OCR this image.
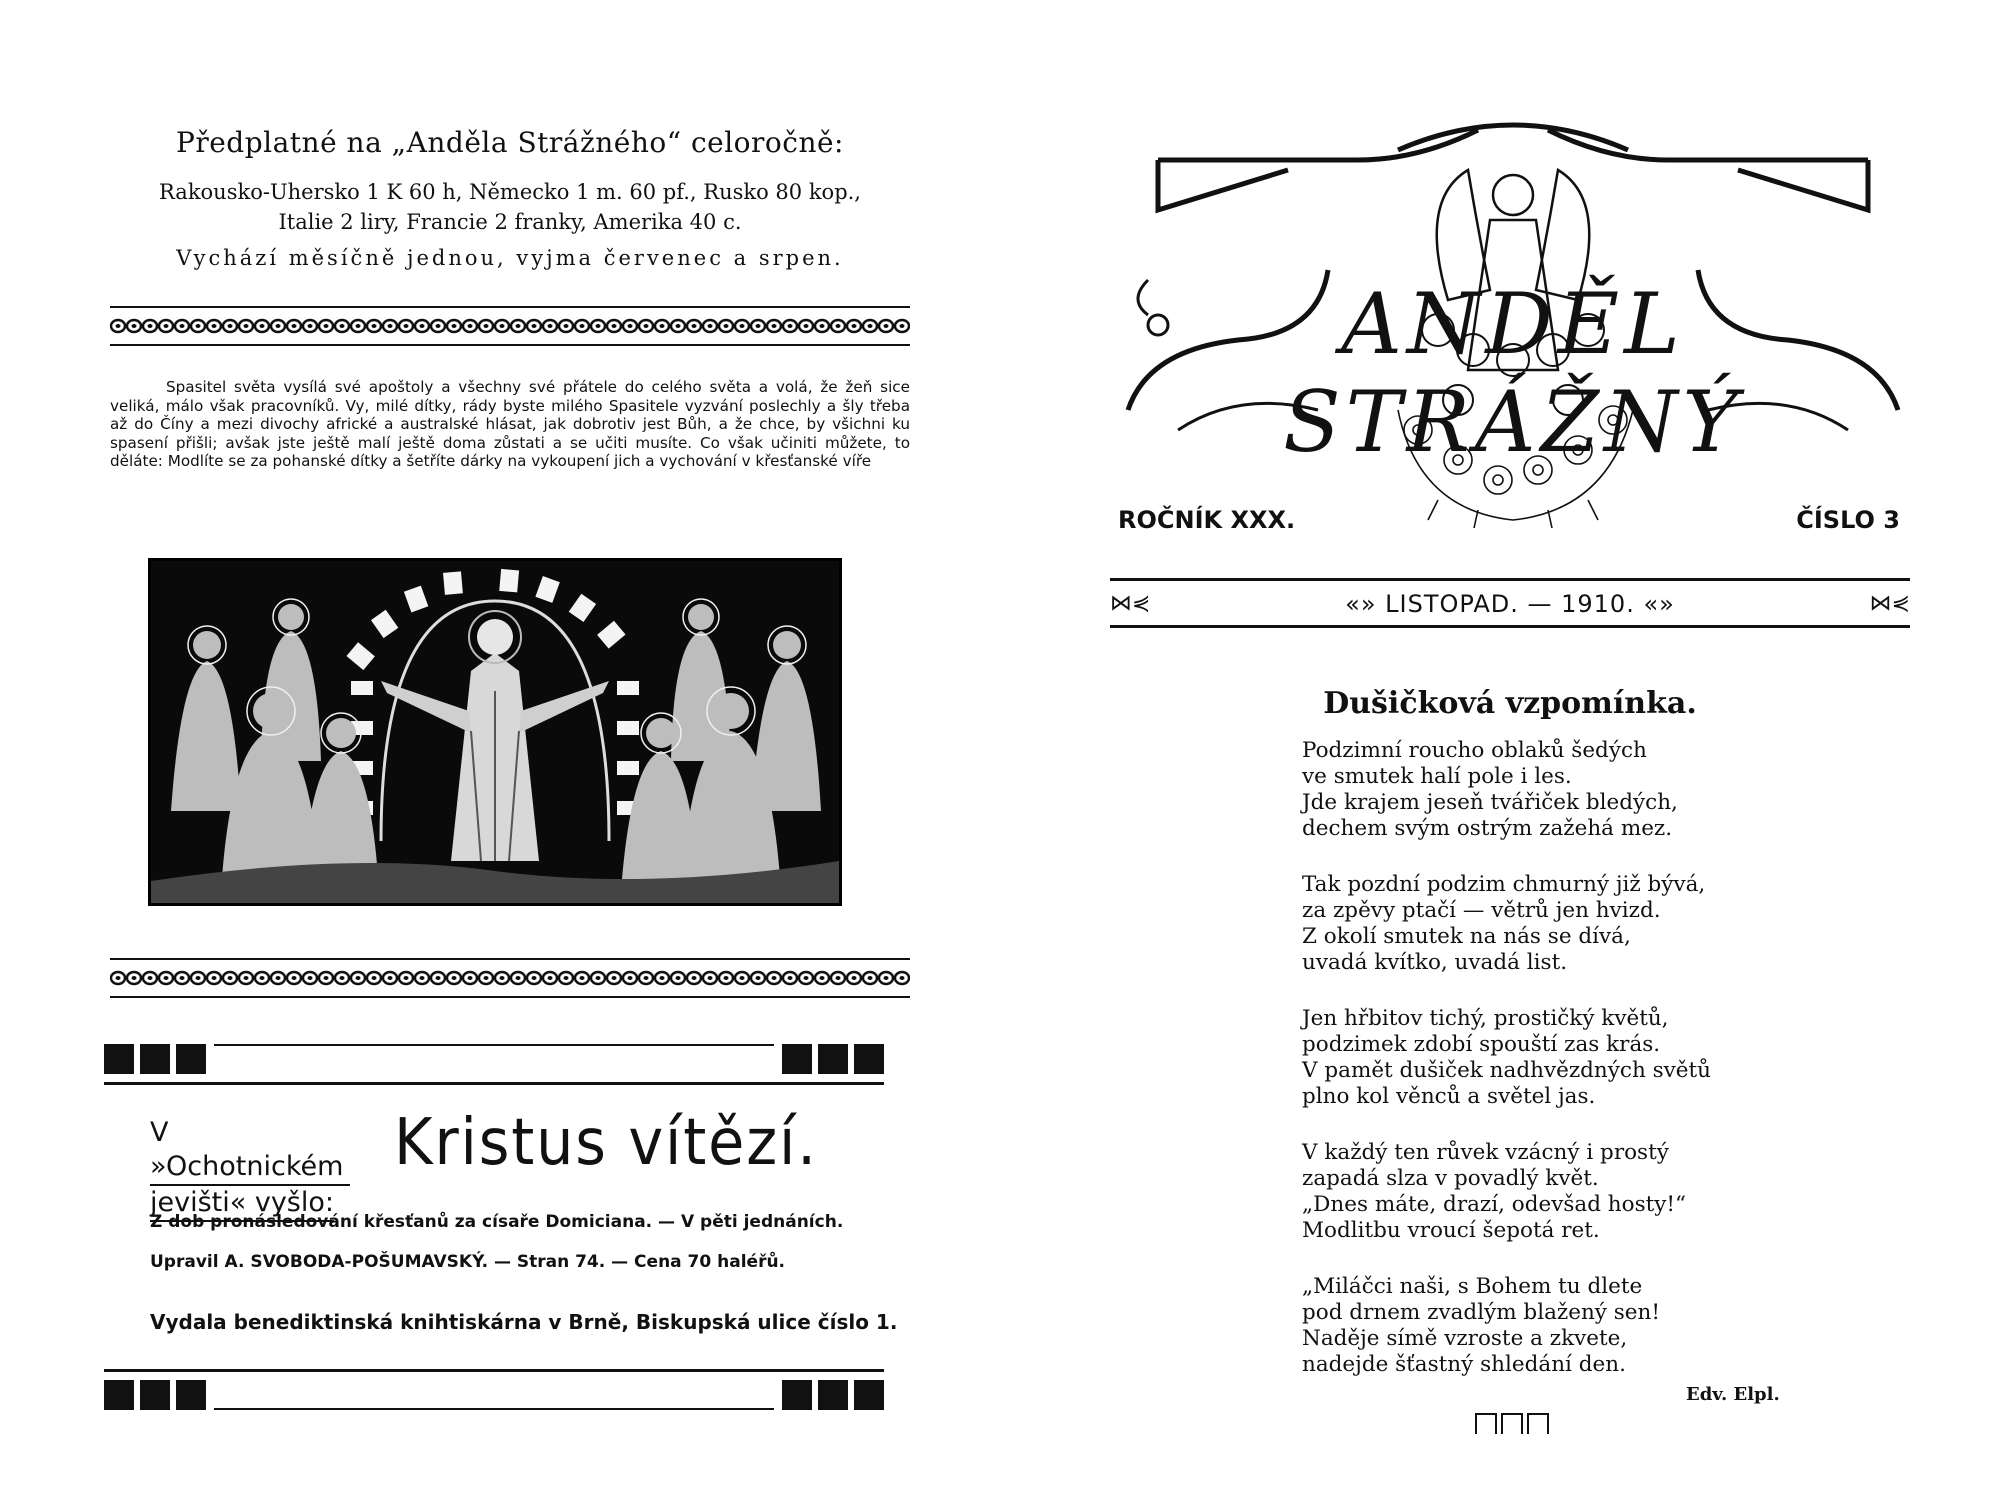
Předplatné na „Anděla Strážného“ celoročně:
Rakousko-Uhersko 1 K 60 h, Německo 1 m. 60 pf., Rusko 80 kop.,
Italie 2 liry, Francie 2 franky, Amerika 40 c.
Vychází měsíčně jednou, vyjma červenec a srpen.
Spasitel světa vysílá své apoštoly a všechny své přátele do celého světa a volá, že žeň sice veliká, málo však pracovníků. Vy, milé dítky, rády byste milého Spasitele vyzvání poslechly a šly třeba až do Číny a mezi divochy africké a australské hlásat, jak dobrotiv jest Bůh, a že chce, by všichni ku spasení přišli; avšak jste ještě malí ještě doma zůstati a se učiti musíte. Co však učiniti můžete, to děláte: Modlíte se za pohanské dítky a šetříte dárky na vykoupení jich a vychování v křesťanské víře
V »Ochotnickém
jevišti« vyšlo:
Kristus vítězí.
Z dob pronásledování křesťanů za císaře Domiciana. — V pěti jednáních.
Upravil A. SVOBODA-POŠUMAVSKÝ. — Stran 74. — Cena 70 haléřů.
Vydala benediktinská knihtiskárna v Brně, Biskupská ulice číslo 1.
ANDĚL STRÁŽNÝ
ROČNÍK XXX.	ČÍSLO 3
⋈⋞	«» LISTOPAD. — 1910. «»	⋈⋞
Dušičková vzpomínka.
Podzimní roucho oblaků šedých
ve smutek halí pole i les.
Jde krajem jeseň tvářiček bledých,
dechem svým ostrým zažehá mez.
Tak pozdní podzim chmurný již bývá,
za zpěvy ptačí — větrů jen hvizd.
Z okolí smutek na nás se dívá,
uvadá kvítko, uvadá list.
Jen hřbitov tichý, prostičký květů,
podzimek zdobí spouští zas krás.
V pamět dušiček nadhvězdných světů
plno kol věnců a světel jas.
V každý ten růvek vzácný i prostý
zapadá slza v povadlý květ.
„Dnes máte, drazí, odevšad hosty!“
Modlitbu vroucí šepotá ret.
„Miláčci naši, s Bohem tu dlete
pod drnem zvadlým blažený sen!
Naděje símě vzroste a zkvete,
nadejde šťastný shledání den.
Edv. Elpl.
